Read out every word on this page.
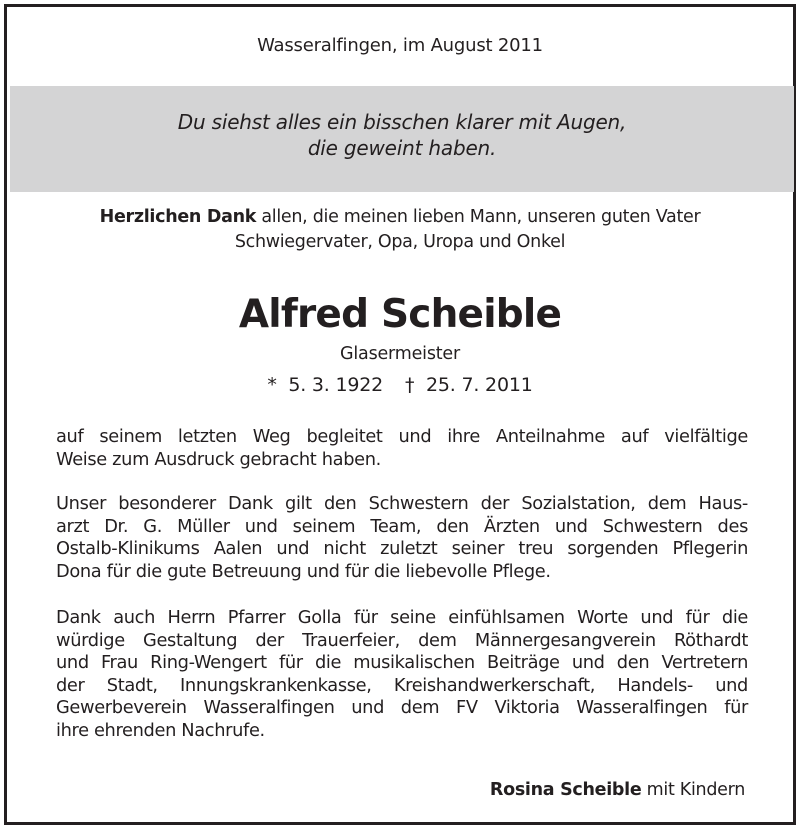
Wasseralfingen, im August 2011
Du siehst alles ein bisschen klarer mit Augen,
die geweint haben.
Herzlichen Dank allen, die meinen lieben Mann, unseren guten Vater
Schwiegervater, Opa, Uropa und Onkel
Alfred Scheible
Glasermeister
*  5. 3. 1922 †  25. 7. 2011
auf seinem letzten Weg begleitet und ihre Anteilnahme auf vielfältige
Weise zum Ausdruck gebracht haben.
Unser besonderer Dank gilt den Schwestern der Sozialstation, dem Haus-
arzt Dr. G. Müller und seinem Team, den Ärzten und Schwestern des
Ostalb-Klinikums Aalen und nicht zuletzt seiner treu sorgenden Pflegerin
Dona für die gute Betreuung und für die liebevolle Pflege.
Dank auch Herrn Pfarrer Golla für seine einfühlsamen Worte und für die
würdige Gestaltung der Trauerfeier, dem Männergesangverein Röthardt
und Frau Ring-Wengert für die musikalischen Beiträge und den Vertretern
der Stadt, Innungskrankenkasse, Kreishandwerkerschaft, Handels- und
Gewerbeverein Wasseralfingen und dem FV Viktoria Wasseralfingen für
ihre ehrenden Nachrufe.
Rosina Scheible mit Kindern
